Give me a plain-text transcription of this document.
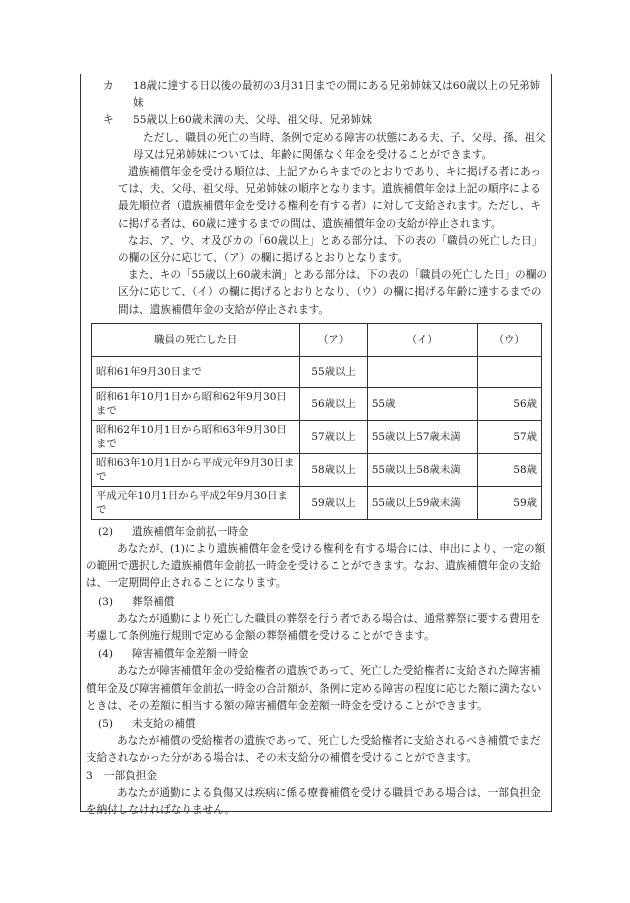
カ	18歳に達する日以後の最初の3月31日までの間にある兄弟姉妹又は60歳以上の兄弟姉妹
キ	55歳以上60歳未満の夫、父母、祖父母、兄弟姉妹

ただし、職員の死亡の当時、条例で定める障害の状態にある夫、子、父母、孫、祖父母又は兄弟姉妹については、年齢に関係なく年金を受けることができます。

遺族補償年金を受ける順位は、上記アからキまでのとおりであり、キに掲げる者にあっては、夫、父母、祖父母、兄弟姉妹の順序となります。遺族補償年金は上記の順序による最先順位者（遺族補償年金を受ける権利を有する者）に対して支給されます。ただし、キに掲げる者は、60歳に達するまでの間は、遺族補償年金の支給が停止されます。

なお、ア、ウ、オ及びカの「60歳以上」とある部分は、下の表の「職員の死亡した日」の欄の区分に応じて、（ア）の欄に掲げるとおりとなります。

また、キの「55歳以上60歳未満」とある部分は、下の表の「職員の死亡した日」の欄の区分に応じて、（イ）の欄に掲げるとおりとなり、（ウ）の欄に掲げる年齢に達するまでの間は、遺族補償年金の支給が停止されます。

職員の死亡した日	（ア）	（イ）	（ウ）
昭和61年9月30日まで	55歳以上		
昭和61年10月1日から昭和62年9月30日まで	56歳以上	55歳	56歳
昭和62年10月1日から昭和63年9月30日まで	57歳以上	55歳以上57歳未満	57歳
昭和63年10月1日から平成元年9月30日まで	58歳以上	55歳以上58歳未満	58歳
平成元年10月1日から平成2年9月30日まで	59歳以上	55歳以上59歳未満	59歳
(2)	遺族補償年金前払一時金

あなたが、(1)により遺族補償年金を受ける権利を有する場合には、申出により、一定の額の範囲で選択した遺族補償年金前払一時金を受けることができます。なお、遺族補償年金の支給は、一定期間停止されることになります。

(3)	葬祭補償

あなたが通勤により死亡した職員の葬祭を行う者である場合は、通常葬祭に要する費用を考慮して条例施行規則で定める金額の葬祭補償を受けることができます。

(4)	障害補償年金差額一時金

あなたが障害補償年金の受給権者の遺族であって、死亡した受給権者に支給された障害補償年金及び障害補償年金前払一時金の合計額が、条例に定める障害の程度に応じた額に満たないときは、その差額に相当する額の障害補償年金差額一時金を受けることができます。

(5)	未支給の補償

あなたが補償の受給権者の遺族であって、死亡した受給権者に支給されるべき補償でまだ支給されなかった分がある場合は、その未支給分の補償を受けることができます。

3	一部負担金

あなたが通勤による負傷又は疾病に係る療養補償を受ける職員である場合は、一部負担金を納付しなければなりません。
